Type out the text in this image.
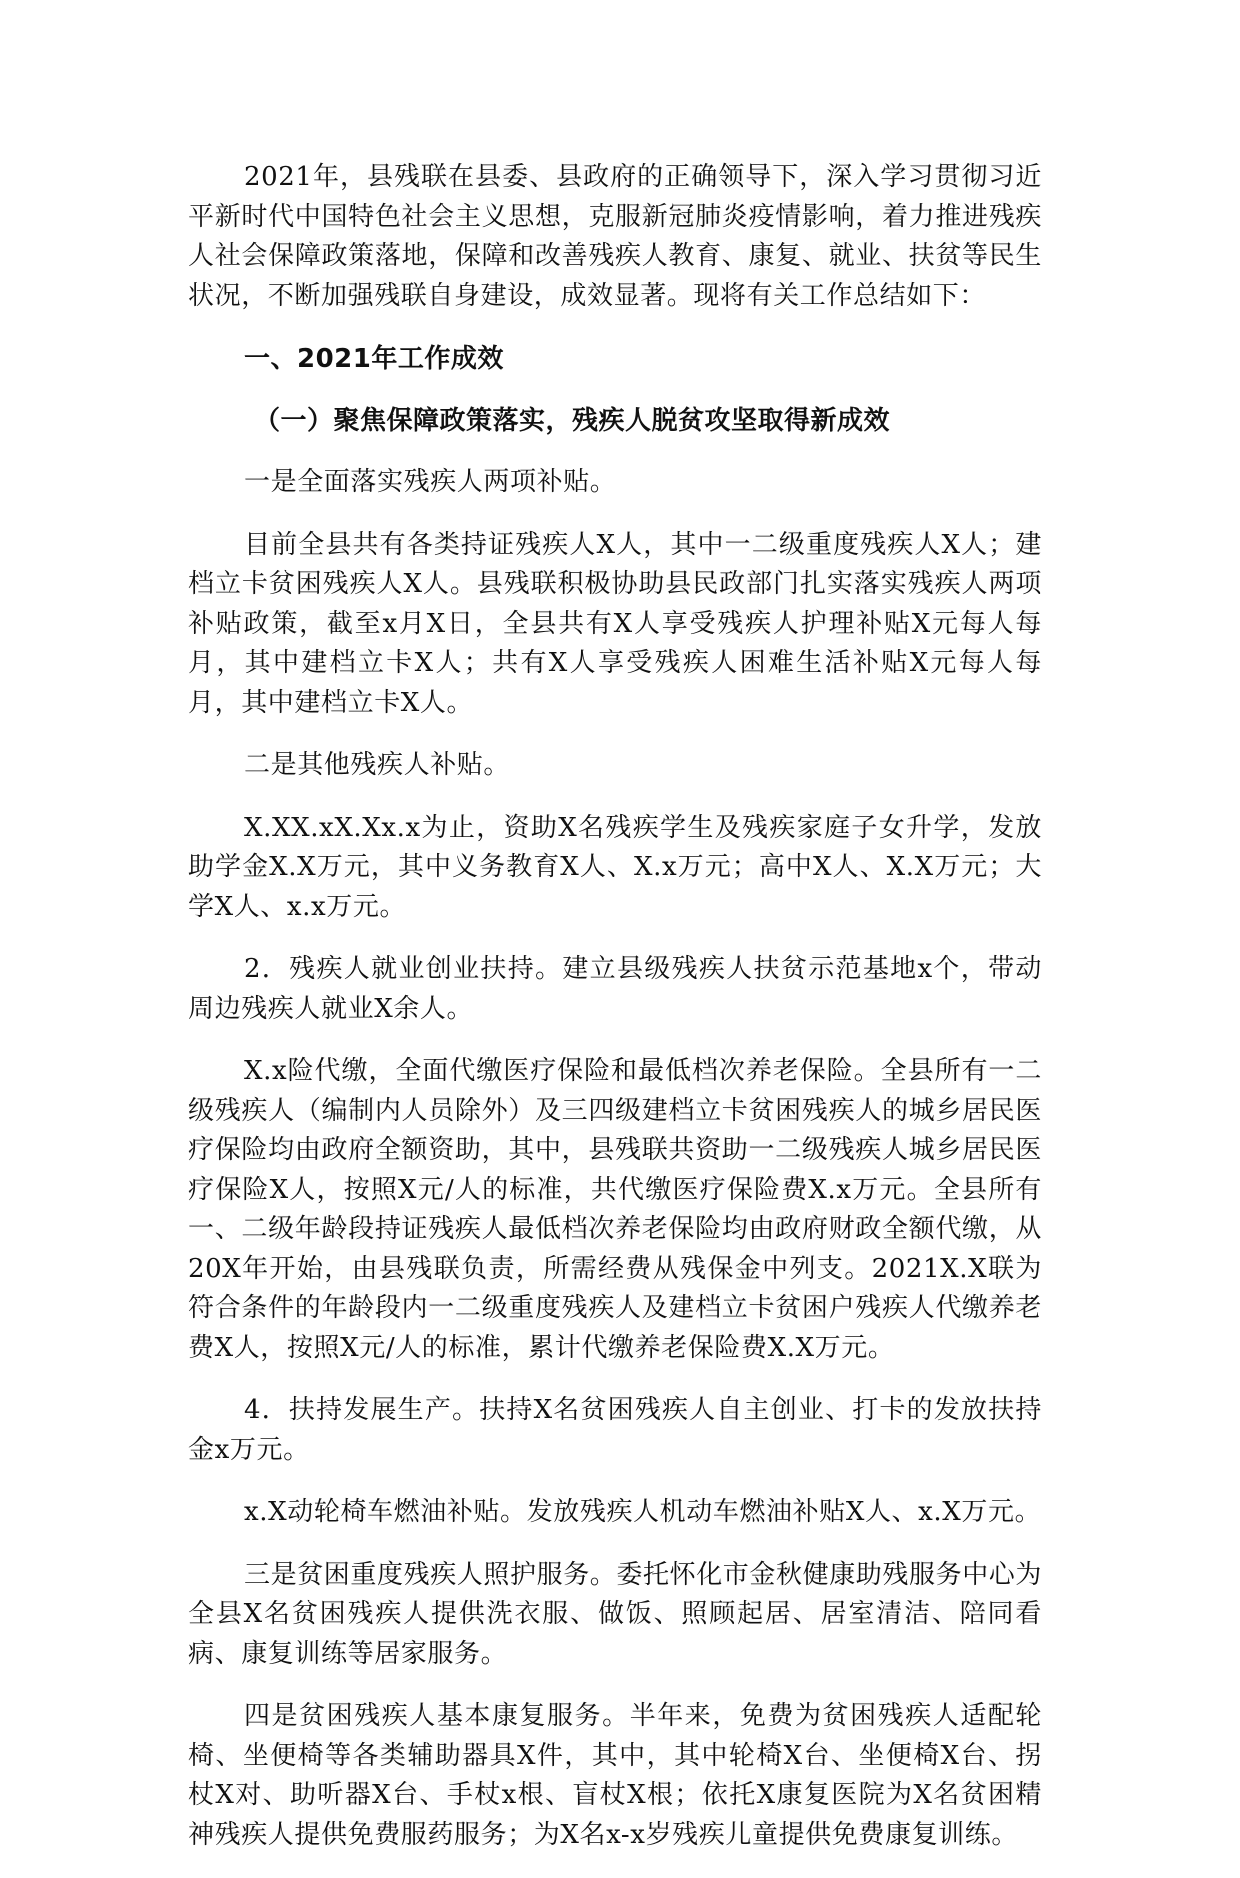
2021年，县残联在县委、县政府的正确领导下，深入学习贯彻习近平新时代中国特色社会主义思想，克服新冠肺炎疫情影响，着力推进残疾人社会保障政策落地，保障和改善残疾人教育、康复、就业、扶贫等民生状况，不断加强残联自身建设，成效显著。现将有关工作总结如下：

一、2021年工作成效

（一）聚焦保障政策落实，残疾人脱贫攻坚取得新成效

一是全面落实残疾人两项补贴。

目前全县共有各类持证残疾人X人，其中一二级重度残疾人X人；建档立卡贫困残疾人X人。县残联积极协助县民政部门扎实落实残疾人两项补贴政策，截至x月X日，全县共有X人享受残疾人护理补贴X元每人每月，其中建档立卡X人；共有X人享受残疾人困难生活补贴X元每人每月，其中建档立卡X人。

二是其他残疾人补贴。

X.XX.xX.Xx.x为止，资助X名残疾学生及残疾家庭子女升学，发放助学金X.X万元，其中义务教育X人、X.x万元；高中X人、X.X万元；大学X人、x.x万元。

2．残疾人就业创业扶持。建立县级残疾人扶贫示范基地x个，带动周边残疾人就业X余人。

X.x险代缴，全面代缴医疗保险和最低档次养老保险。全县所有一二级残疾人（编制内人员除外）及三四级建档立卡贫困残疾人的城乡居民医疗保险均由政府全额资助，其中，县残联共资助一二级残疾人城乡居民医疗保险X人，按照X元/人的标准，共代缴医疗保险费X.x万元。全县所有一、二级年龄段持证残疾人最低档次养老保险均由政府财政全额代缴，从20X年开始，由县残联负责，所需经费从残保金中列支。2021X.X联为符合条件的年龄段内一二级重度残疾人及建档立卡贫困户残疾人代缴养老费X人，按照X元/人的标准，累计代缴养老保险费X.X万元。

4．扶持发展生产。扶持X名贫困残疾人自主创业、打卡的发放扶持金x万元。

x.X动轮椅车燃油补贴。发放残疾人机动车燃油补贴X人、x.X万元。

三是贫困重度残疾人照护服务。委托怀化市金秋健康助残服务中心为全县X名贫困残疾人提供洗衣服、做饭、照顾起居、居室清洁、陪同看病、康复训练等居家服务。

四是贫困残疾人基本康复服务。半年来，免费为贫困残疾人适配轮椅、坐便椅等各类辅助器具X件，其中，其中轮椅X台、坐便椅X台、拐杖X对、助听器X台、手杖x根、盲杖X根；依托X康复医院为X名贫困精神残疾人提供免费服药服务；为X名x-x岁残疾儿童提供免费康复训练。
